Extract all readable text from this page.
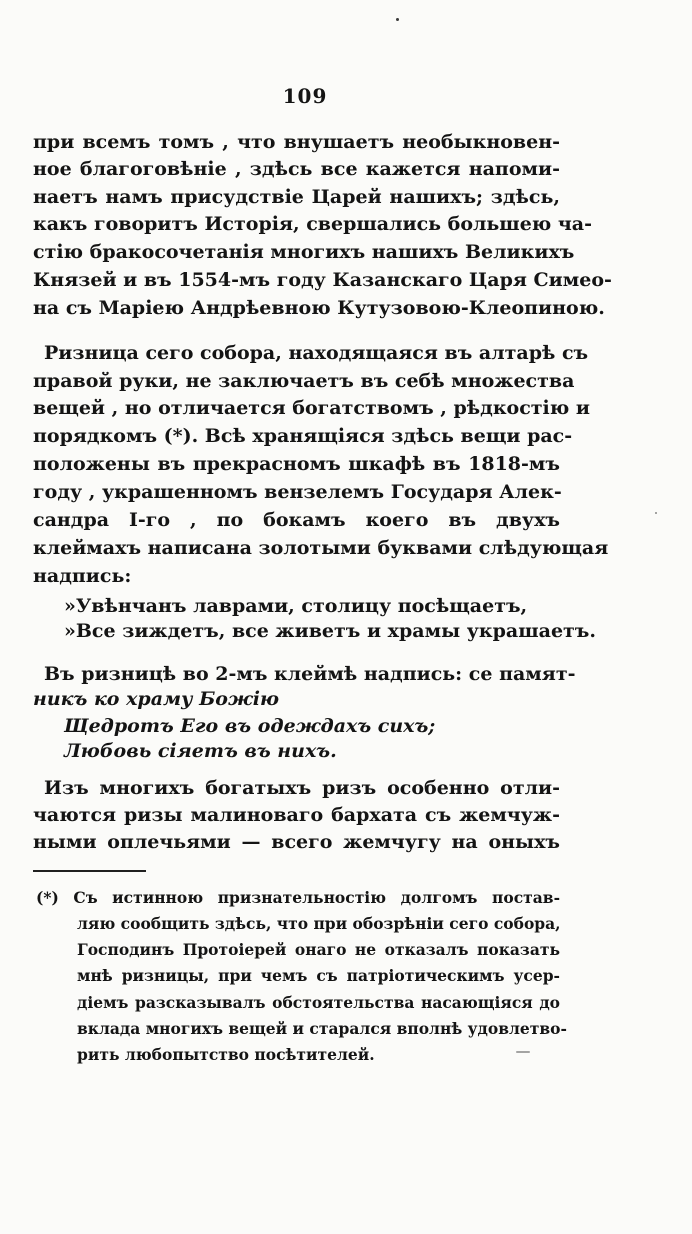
109
при всемъ томъ , что внушаетъ необыкновен-
ное благоговѣніе , здѣсь все кажется напоми-
наетъ намъ присудствіе Царей нашихъ; здѣсь,
какъ говоритъ Исторія, свершались большею ча-
стію бракосочетанія многихъ нашихъ Великихъ
Князей и въ 1554-мъ году Казанскаго Царя Симео-
на съ Маріею Андрѣевною Кутузовою-Клеопиною.
Ризница сего собора, находящаяся въ алтарѣ съ
правой руки, не заключаетъ въ себѣ множества
вещей , но отличается богатствомъ , рѣдкостію и
порядкомъ (*). Всѣ хранящіяся здѣсь вещи рас-
положены въ прекрасномъ шкафѣ въ 1818-мъ
году , украшенномъ вензелемъ Государя Алек-
сандра І-го , по бокамъ коего въ двухъ
клеймахъ написана золотыми буквами слѣдующая
надпись:
»Увѣнчанъ лаврами, столицу посѣщаетъ,
»Все зиждетъ, все живетъ и храмы украшаетъ.
Въ ризницѣ во 2-мъ клеймѣ надпись: се памят-
никъ ко храму Божію
Щедротъ Его въ одеждахъ сихъ;
Любовь сіяетъ въ нихъ.
Изъ многихъ богатыхъ ризъ особенно отли-
чаются ризы малиноваго бархата съ жемчуж-
ными оплечьями — всего жемчугу на оныхъ
(*) Съ истинною признательностію долгомъ постав-
ляю сообщить здѣсь, что при обозрѣніи сего собора,
Господинъ Протоіерей онаго не отказалъ показать
мнѣ ризницы, при чемъ съ патріотическимъ усер-
діемъ разсказывалъ обстоятельства насающіяся до
вклада многихъ вещей и старался вполнѣ удовлетво-
рить любопытство посѣтителей.
